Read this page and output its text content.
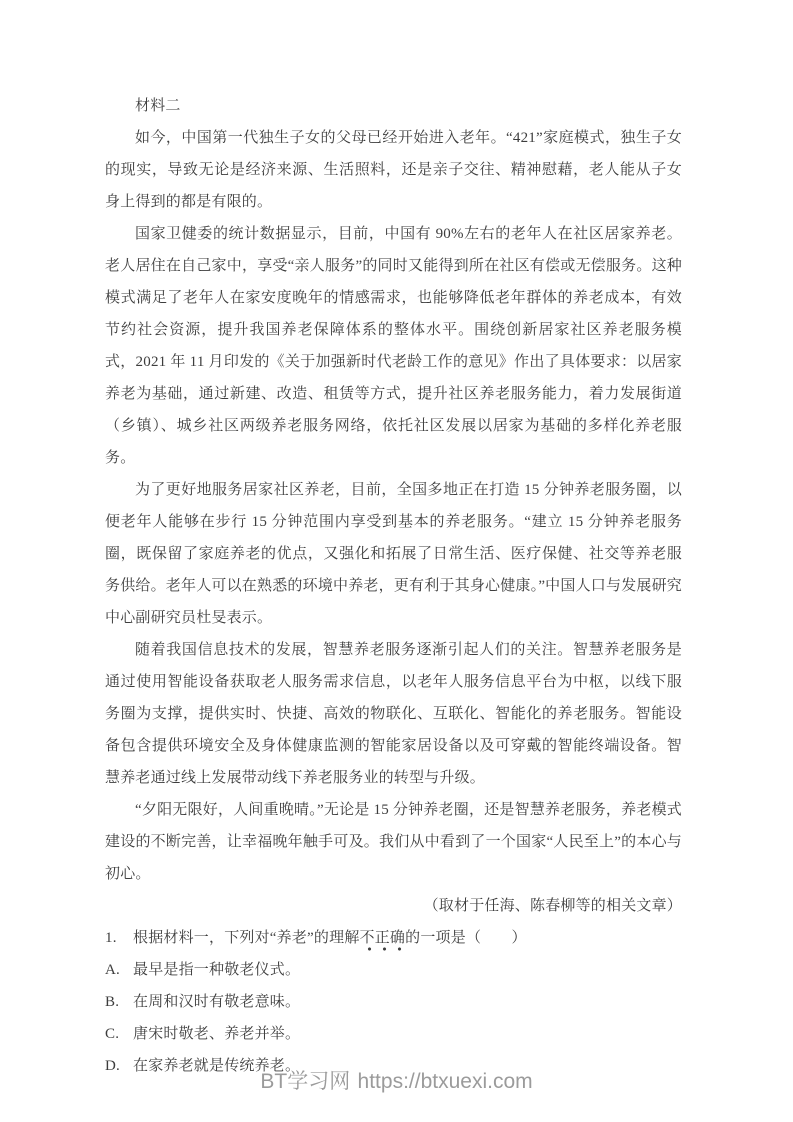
材料二

如今，中国第一代独生子女的父母已经开始进入老年。“421”家庭模式，独生子女的现实，导致无论是经济来源、生活照料，还是亲子交往、精神慰藉，老人能从子女身上得到的都是有限的。

国家卫健委的统计数据显示，目前，中国有 90%左右的老年人在社区居家养老。老人居住在自己家中，享受“亲人服务”的同时又能得到所在社区有偿或无偿服务。这种模式满足了老年人在家安度晚年的情感需求，也能够降低老年群体的养老成本，有效节约社会资源，提升我国养老保障体系的整体水平。围绕创新居家社区养老服务模式，2021 年 11 月印发的《关于加强新时代老龄工作的意见》作出了具体要求：以居家养老为基础，通过新建、改造、租赁等方式，提升社区养老服务能力，着力发展街道（乡镇）、城乡社区两级养老服务网络，依托社区发展以居家为基础的多样化养老服务。

为了更好地服务居家社区养老，目前，全国多地正在打造 15 分钟养老服务圈，以便老年人能够在步行 15 分钟范围内享受到基本的养老服务。“建立 15 分钟养老服务圈，既保留了家庭养老的优点，又强化和拓展了日常生活、医疗保健、社交等养老服务供给。老年人可以在熟悉的环境中养老，更有利于其身心健康。”中国人口与发展研究中心副研究员杜旻表示。

随着我国信息技术的发展，智慧养老服务逐渐引起人们的关注。智慧养老服务是通过使用智能设备获取老人服务需求信息，以老年人服务信息平台为中枢，以线下服务圈为支撑，提供实时、快捷、高效的物联化、互联化、智能化的养老服务。智能设备包含提供环境安全及身体健康监测的智能家居设备以及可穿戴的智能终端设备。智慧养老通过线上发展带动线下养老服务业的转型与升级。

“夕阳无限好，人间重晚晴。”无论是 15 分钟养老圈，还是智慧养老服务，养老模式建设的不断完善，让幸福晚年触手可及。我们从中看到了一个国家“人民至上”的本心与初心。

（取材于任海、陈春柳等的相关文章）

1. 根据材料一，下列对“养老”的理解不正确的一项是（　　）

A. 最早是指一种敬老仪式。

B. 在周和汉时有敬老意味。

C. 唐宋时敬老、养老并举。

D. 在家养老就是传统养老。

BT学习网 https://btxuexi.com
